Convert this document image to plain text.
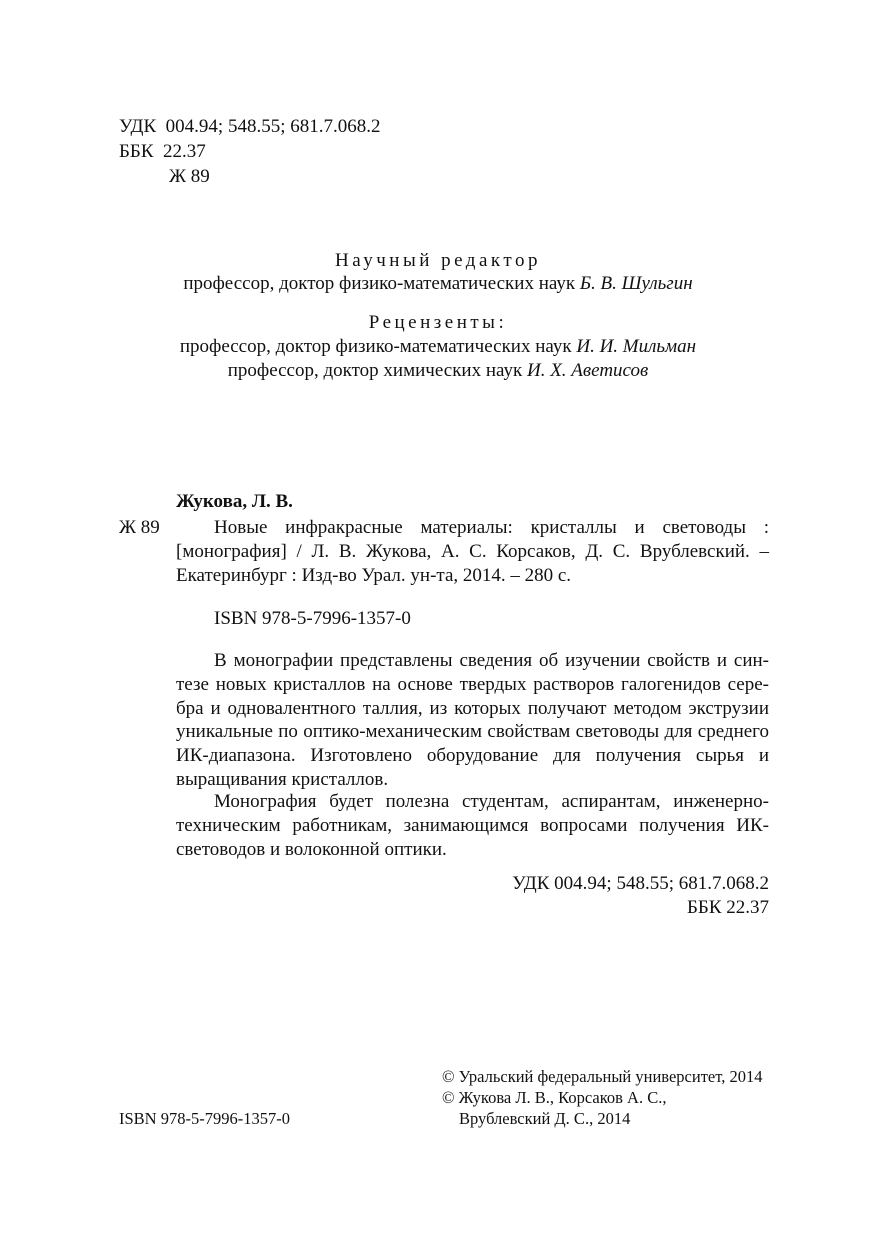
УДК 004.94; 548.55; 681.7.068.2
ББК 22.37
Ж 89
Научный редактор
профессор, доктор физико-математических наук Б. В. Шульгин
Рецензенты:
профессор, доктор физико-математических наук И. И. Мильман
профессор, доктор химических наук И. Х. Аветисов
Жукова, Л. В.
Ж 89	Новые инфракрасные материалы: кристаллы и световоды :
[монография] / Л. В. Жукова, А. С. Корсаков, Д. С. Врублевский. –
Екатеринбург : Изд-во Урал. ун-та, 2014. – 280 с.
ISBN 978-5-7996-1357-0
В монографии представлены сведения об изучении свойств и синтезе новых кристаллов на основе твердых растворов галогенидов серебра и одновалентного таллия, из которых получают методом экструзии уникальные по оптико-механическим свойствам световоды для среднего ИК-диапазона. Изготовлено оборудование для получения сырья и выращивания кристаллов.
Монография будет полезна студентам, аспирантам, инженерно-техническим работникам, занимающимся вопросами получения ИК-световодов и волоконной оптики.
УДК 004.94; 548.55; 681.7.068.2
ББК 22.37
ISBN 978-5-7996-1357-0
© Уральский федеральный университет, 2014
© Жукова Л. В., Корсаков А. С.,
Врублевский Д. С., 2014
